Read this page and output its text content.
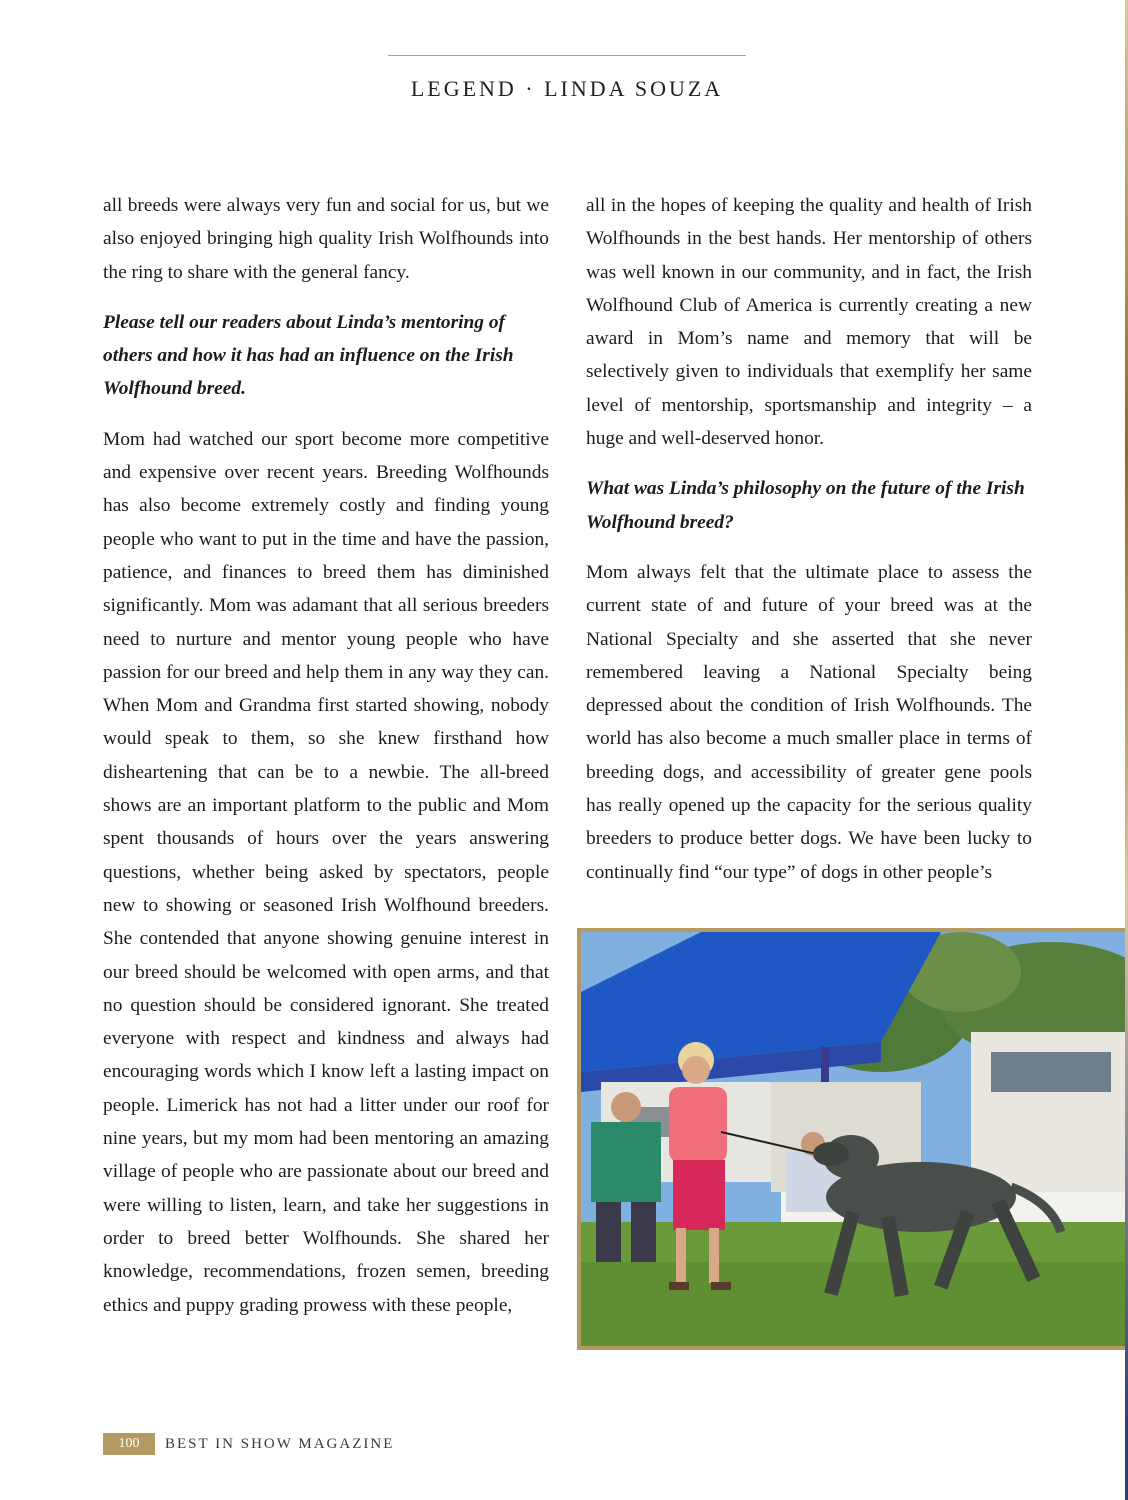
LEGEND · LINDA SOUZA

all breeds were always very fun and social for us, but we also enjoyed bringing high quality Irish Wolfhounds into the ring to share with the general fancy.

Please tell our readers about Linda’s mentoring of others and how it has had an influence on the Irish Wolfhound breed.

Mom had watched our sport become more competitive and expensive over recent years. Breeding Wolfhounds has also become extremely costly and finding young people who want to put in the time and have the passion, patience, and finances to breed them has diminished significantly. Mom was adamant that all serious breeders need to nurture and mentor young people who have passion for our breed and help them in any way they can. When Mom and Grandma first started showing, nobody would speak to them, so she knew firsthand how disheartening that can be to a newbie. The all-breed shows are an important platform to the public and Mom spent thousands of hours over the years answering questions, whether being asked by spectators, people new to showing or seasoned Irish Wolfhound breeders. She contended that anyone showing genuine interest in our breed should be welcomed with open arms, and that no question should be considered ignorant. She treated everyone with respect and kindness and always had encouraging words which I know left a lasting impact on people. Limerick has not had a litter under our roof for nine years, but my mom had been mentoring an amazing village of people who are passionate about our breed and were willing to listen, learn, and take her suggestions in order to breed better Wolfhounds. She shared her knowledge, recommendations, frozen semen, breeding ethics and puppy grading prowess with these people,

all in the hopes of keeping the quality and health of Irish Wolfhounds in the best hands. Her mentorship of others was well known in our community, and in fact, the Irish Wolfhound Club of America is currently creating a new award in Mom’s name and memory that will be selectively given to individuals that exemplify her same level of mentorship, sportsmanship and integrity – a huge and well-deserved honor.

What was Linda’s philosophy on the future of the Irish Wolfhound breed?

Mom always felt that the ultimate place to assess the current state of and future of your breed was at the National Specialty and she asserted that she never remembered leaving a National Specialty being depressed about the condition of Irish Wolfhounds. The world has also become a much smaller place in terms of breeding dogs, and accessibility of greater gene pools has really opened up the capacity for the serious quality breeders to produce better dogs. We have been lucky to continually find “our type” of dogs in other people’s

100	BEST IN SHOW MAGAZINE
